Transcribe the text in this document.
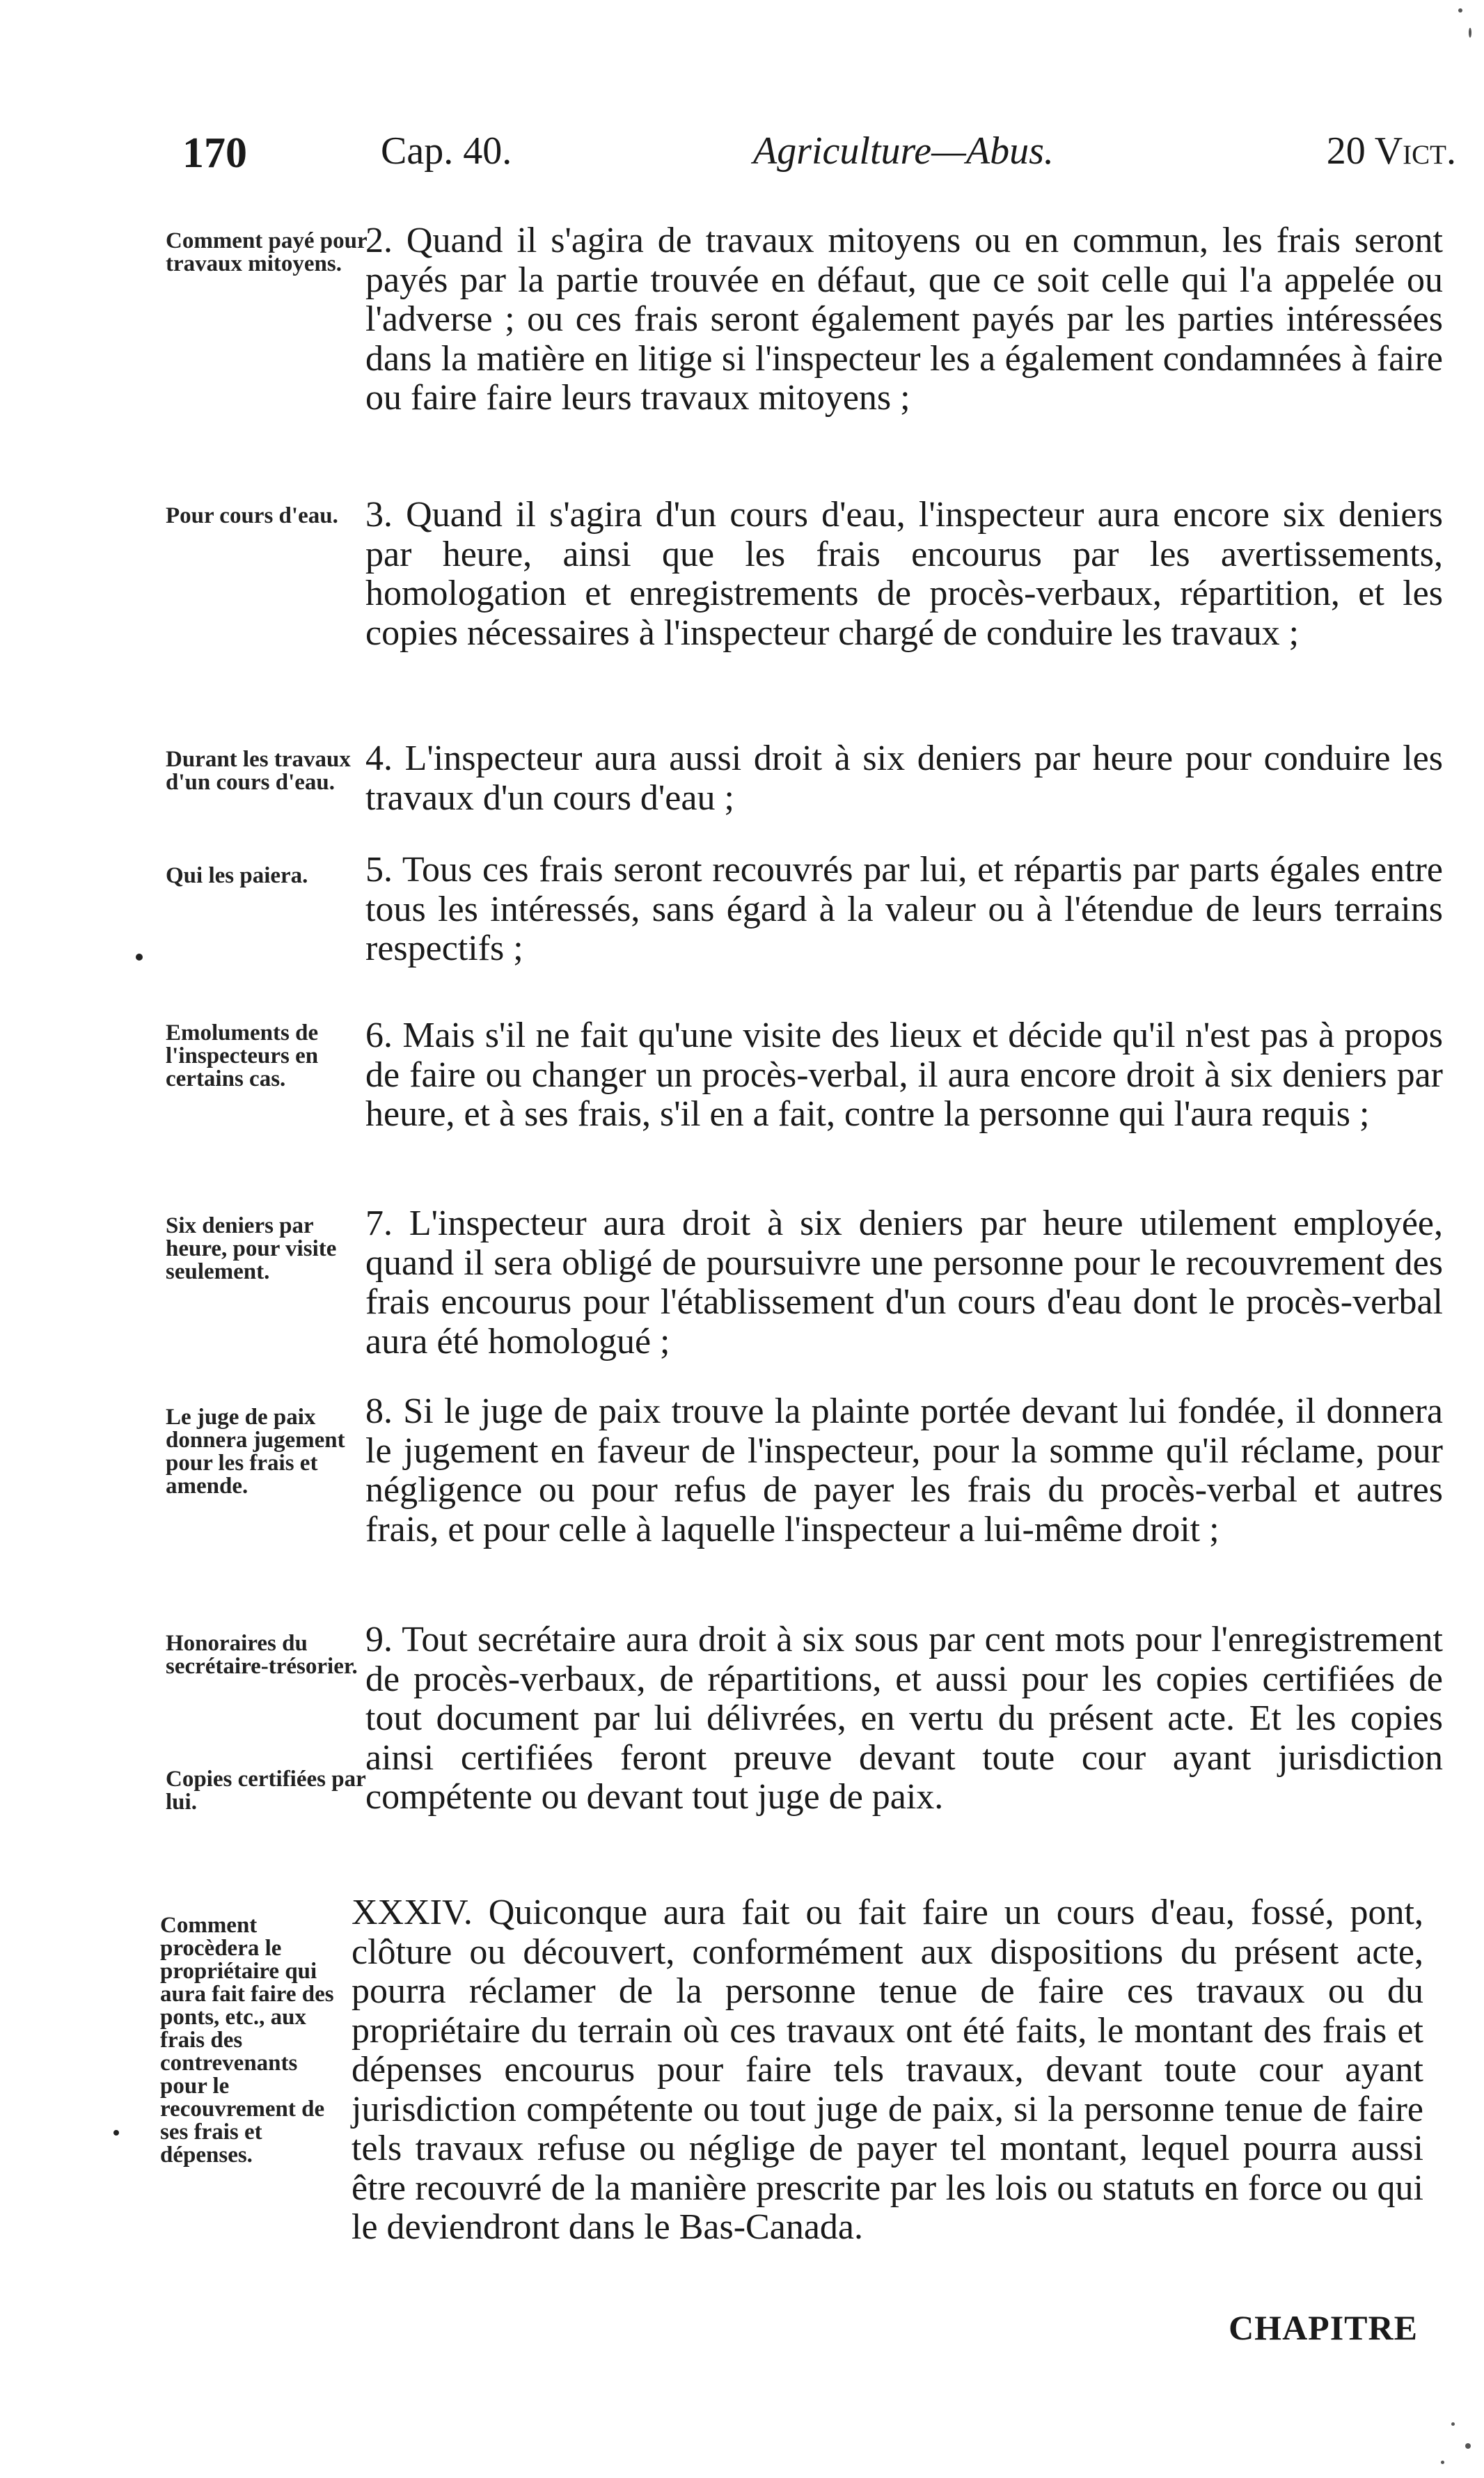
170	Cap. 40.	Agriculture—Abus.	20 Vict.
Comment payé pour travaux mitoyens.
2. Quand il s'agira de travaux mitoyens ou en commun, les frais seront payés par la partie trouvée en défaut, que ce soit celle qui l'a appelée ou l'adverse ; ou ces frais seront également payés par les parties intéressées dans la matière en litige si l'inspecteur les a également condamnées à faire ou faire faire leurs travaux mitoyens ;
Pour cours d'eau. 3. Quand il s'agira d'un cours d'eau, l'inspecteur aura encore six deniers par heure, ainsi que les frais encourus par les avertissements, homologation et enregistrements de procès-verbaux, répartition, et les copies nécessaires à l'inspecteur chargé de conduire les travaux ;
Durant les travaux d'un cours d'eau.
4. L'inspecteur aura aussi droit à six deniers par heure pour conduire les travaux d'un cours d'eau ;
Qui les paiera.	5. Tous ces frais seront recouvrés par lui, et répartis par parts égales entre tous les intéressés, sans égard à la valeur ou à l'étendue de leurs terrains respectifs ;
Emoluments de l'inspecteurs en certains cas.
6. Mais s'il ne fait qu'une visite des lieux et décide qu'il n'est pas à propos de faire ou changer un procès-verbal, il aura encore droit à six deniers par heure, et à ses frais, s'il en a fait, contre la personne qui l'aura requis ;
Six deniers par heure, pour visite seulement.
7. L'inspecteur aura droit à six deniers par heure utilement employée, quand il sera obligé de poursuivre une personne pour le recouvrement des frais encourus pour l'établissement d'un cours d'eau dont le procès-verbal aura été homologué ;
Le juge de paix donnera jugement pour les frais et amende.
8. Si le juge de paix trouve la plainte portée devant lui fondée, il donnera le jugement en faveur de l'inspecteur, pour la somme qu'il réclame, pour négligence ou pour refus de payer les frais du procès-verbal et autres frais, et pour celle à laquelle l'inspecteur a lui-même droit ;
Honoraires du secrétaire-trésorier.
Copies certifiées par lui.
9. Tout secrétaire aura droit à six sous par cent mots pour l'enregistrement de procès-verbaux, de répartitions, et aussi pour les copies certifiées de tout document par lui délivrées, en vertu du présent acte. Et les copies ainsi certifiées feront preuve devant toute cour ayant jurisdiction compétente ou devant tout juge de paix.
Comment procèdera le propriétaire qui aura fait faire des ponts, etc., aux frais des contrevenants pour le recouvrement de ses frais et dépenses.
XXXIV. Quiconque aura fait ou fait faire un cours d'eau, fossé, pont, clôture ou découvert, conformément aux dispositions du présent acte, pourra réclamer de la personne tenue de faire ces travaux ou du propriétaire du terrain où ces travaux ont été faits, le montant des frais et dépenses encourus pour faire tels travaux, devant toute cour ayant jurisdiction compétente ou tout juge de paix, si la personne tenue de faire tels travaux refuse ou néglige de payer tel montant, lequel pourra aussi être recouvré de la manière prescrite par les lois ou statuts en force ou qui le deviendront dans le Bas-Canada.
CHAPITRE
